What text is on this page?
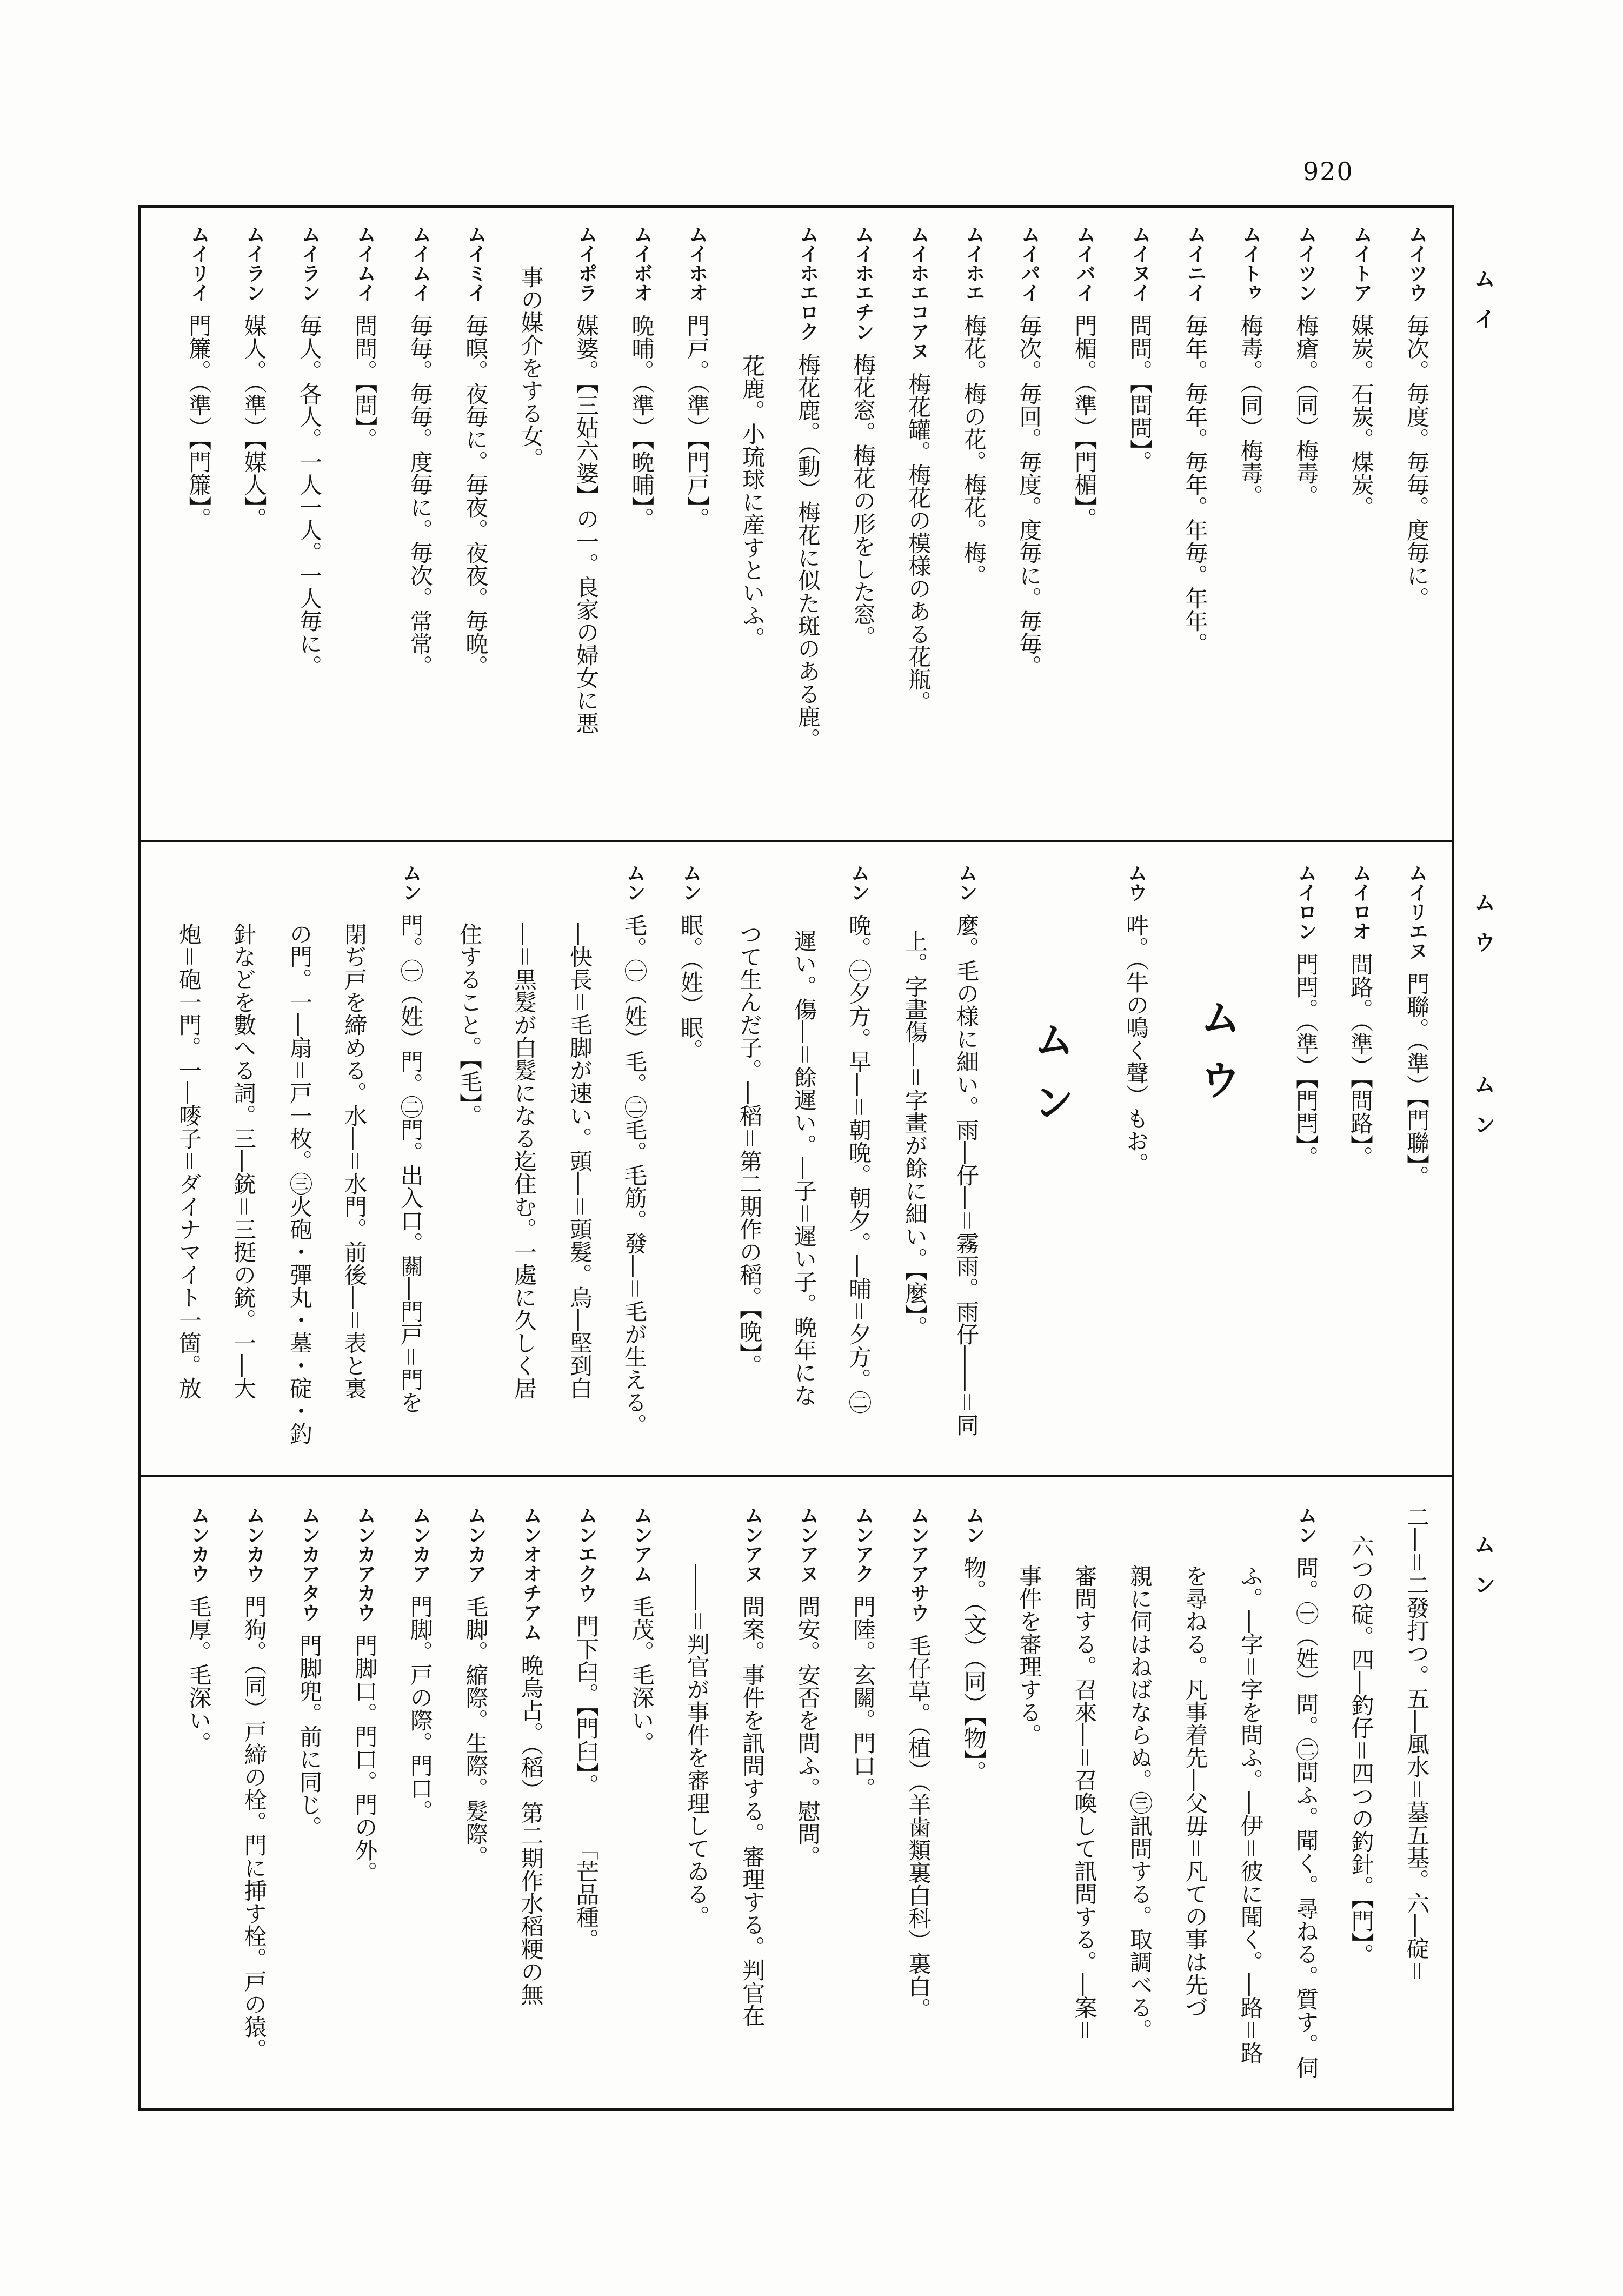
920
ムイ
ムウ
ムン
ムン
ムイツウ毎次。毎度。毎毎。度毎に。
ムイトア媒炭。石炭。煤炭。
ムイツン梅瘡。（同）梅毒。
ムイトゥ梅毒。（同）梅毒。
ムイニイ毎年。毎年。毎年。年毎。年年。
ムイヌイ問問。【問問】。
ムイバイ門楣。（準）【門楣】。
ムイパイ毎次。毎回。毎度。度毎に。毎毎。
ムイホエ梅花。梅の花。梅花。梅。
ムイホエコアヌ梅花罐。梅花の模様のある花瓶。
ムイホエチン梅花窓。梅花の形をした窓。
ムイホエロク梅花鹿。（動）梅花に似た斑のある鹿。
花鹿。小琉球に産すといふ。
ムイホオ門戸。（準）【門戸】。
ムイボオ晩晡。（準）【晩晡】。
ムイポラ媒婆。【三姑六婆】の一。良家の婦女に悪
事の媒介をする女。
ムイミイ毎暝。夜毎に。毎夜。夜夜。毎晩。
ムイムイ毎毎。毎毎。度毎に。毎次。常常。
ムイムイ問問。【問】。
ムイラン毎人。各人。一人一人。一人毎に。
ムイラン媒人。（準）【媒人】。
ムイリイ門簾。（準）【門簾】。
ムイリエヌ門聯。（準）【門聯】。
ムイロオ問路。（準）【問路】。
ムイロン門閂。（準）【門閂】。
ムウ
ムウ吽。（牛の鳴く聲）もお。
ムン
ムン麼。毛の様に細い。雨―仔―＝霧雨。雨仔――＝同
上。字畫傷―＝字畫が餘に細い。【麼】。
ムン晩。㊀夕方。早―＝朝晩。朝夕。―晡＝夕方。㊁
遲い。傷―＝餘遲い。―子＝遲い子。晩年にな
つて生んだ子。―稻＝第二期作の稻。【晩】。
ムン眠。（姓）眠。
ムン毛。㊀（姓）毛。㊁毛。毛筋。發―＝毛が生える。
―快長＝毛脚が速い。頭―＝頭髮。烏―堅到白
―＝黒髮が白髮になる迄住む。一處に久しく居
住すること。【毛】。
ムン門。㊀（姓）門。㊁門。出入口。關―門戸＝門を
閉ぢ戸を締める。水―＝水門。前後―＝表と裏
の門。一―扇＝戸一枚。㊂火砲・彈丸・墓・碇・釣
針などを數へる詞。三―銃＝三挺の銃。一―大
炮＝砲一門。一―嘜子＝ダイナマイト一箇。放
二―＝二發打つ。五―風水＝墓五基。六―碇＝
六つの碇。四―釣仔＝四つの釣針。【門】。
ムン問。㊀（姓）問。㊁問ふ。聞く。尋ねる。質す。伺
ふ。―字＝字を問ふ。―伊＝彼に聞く。―路＝路
を尋ねる。凡事着先―父毋＝凡ての事は先づ
親に伺はねばならぬ。㊂訊問する。取調べる。
審問する。召來―＝召喚して訊問する。―案＝
事件を審理する。
ムン物。（文）（同）【物】。
ムンアアサウ毛仔草。（植）（羊歯類裏白科）裏白。
ムンアク門陸。玄關。門口。
ムンアヌ問安。安否を問ふ。慰問。
ムンアヌ問案。事件を訊問する。審理する。判官在
――＝判官が事件を審理してゐる。
ムンアム毛茂。毛深い。
ムンエクウ門下臼。【門臼】。
「芒品種。
ムンオオチアム晩烏占。（稻）第二期作水稻粳の無
ムンカア毛脚。縮際。生際。髮際。
ムンカア門脚。戸の際。門口。
ムンカアカウ門脚口。門口。門の外。
ムンカアタウ門脚兜。前に同じ。
ムンカウ門狗。（同）戸締の栓。門に挿す栓。戸の猿。
ムンカウ毛厚。毛深い。
